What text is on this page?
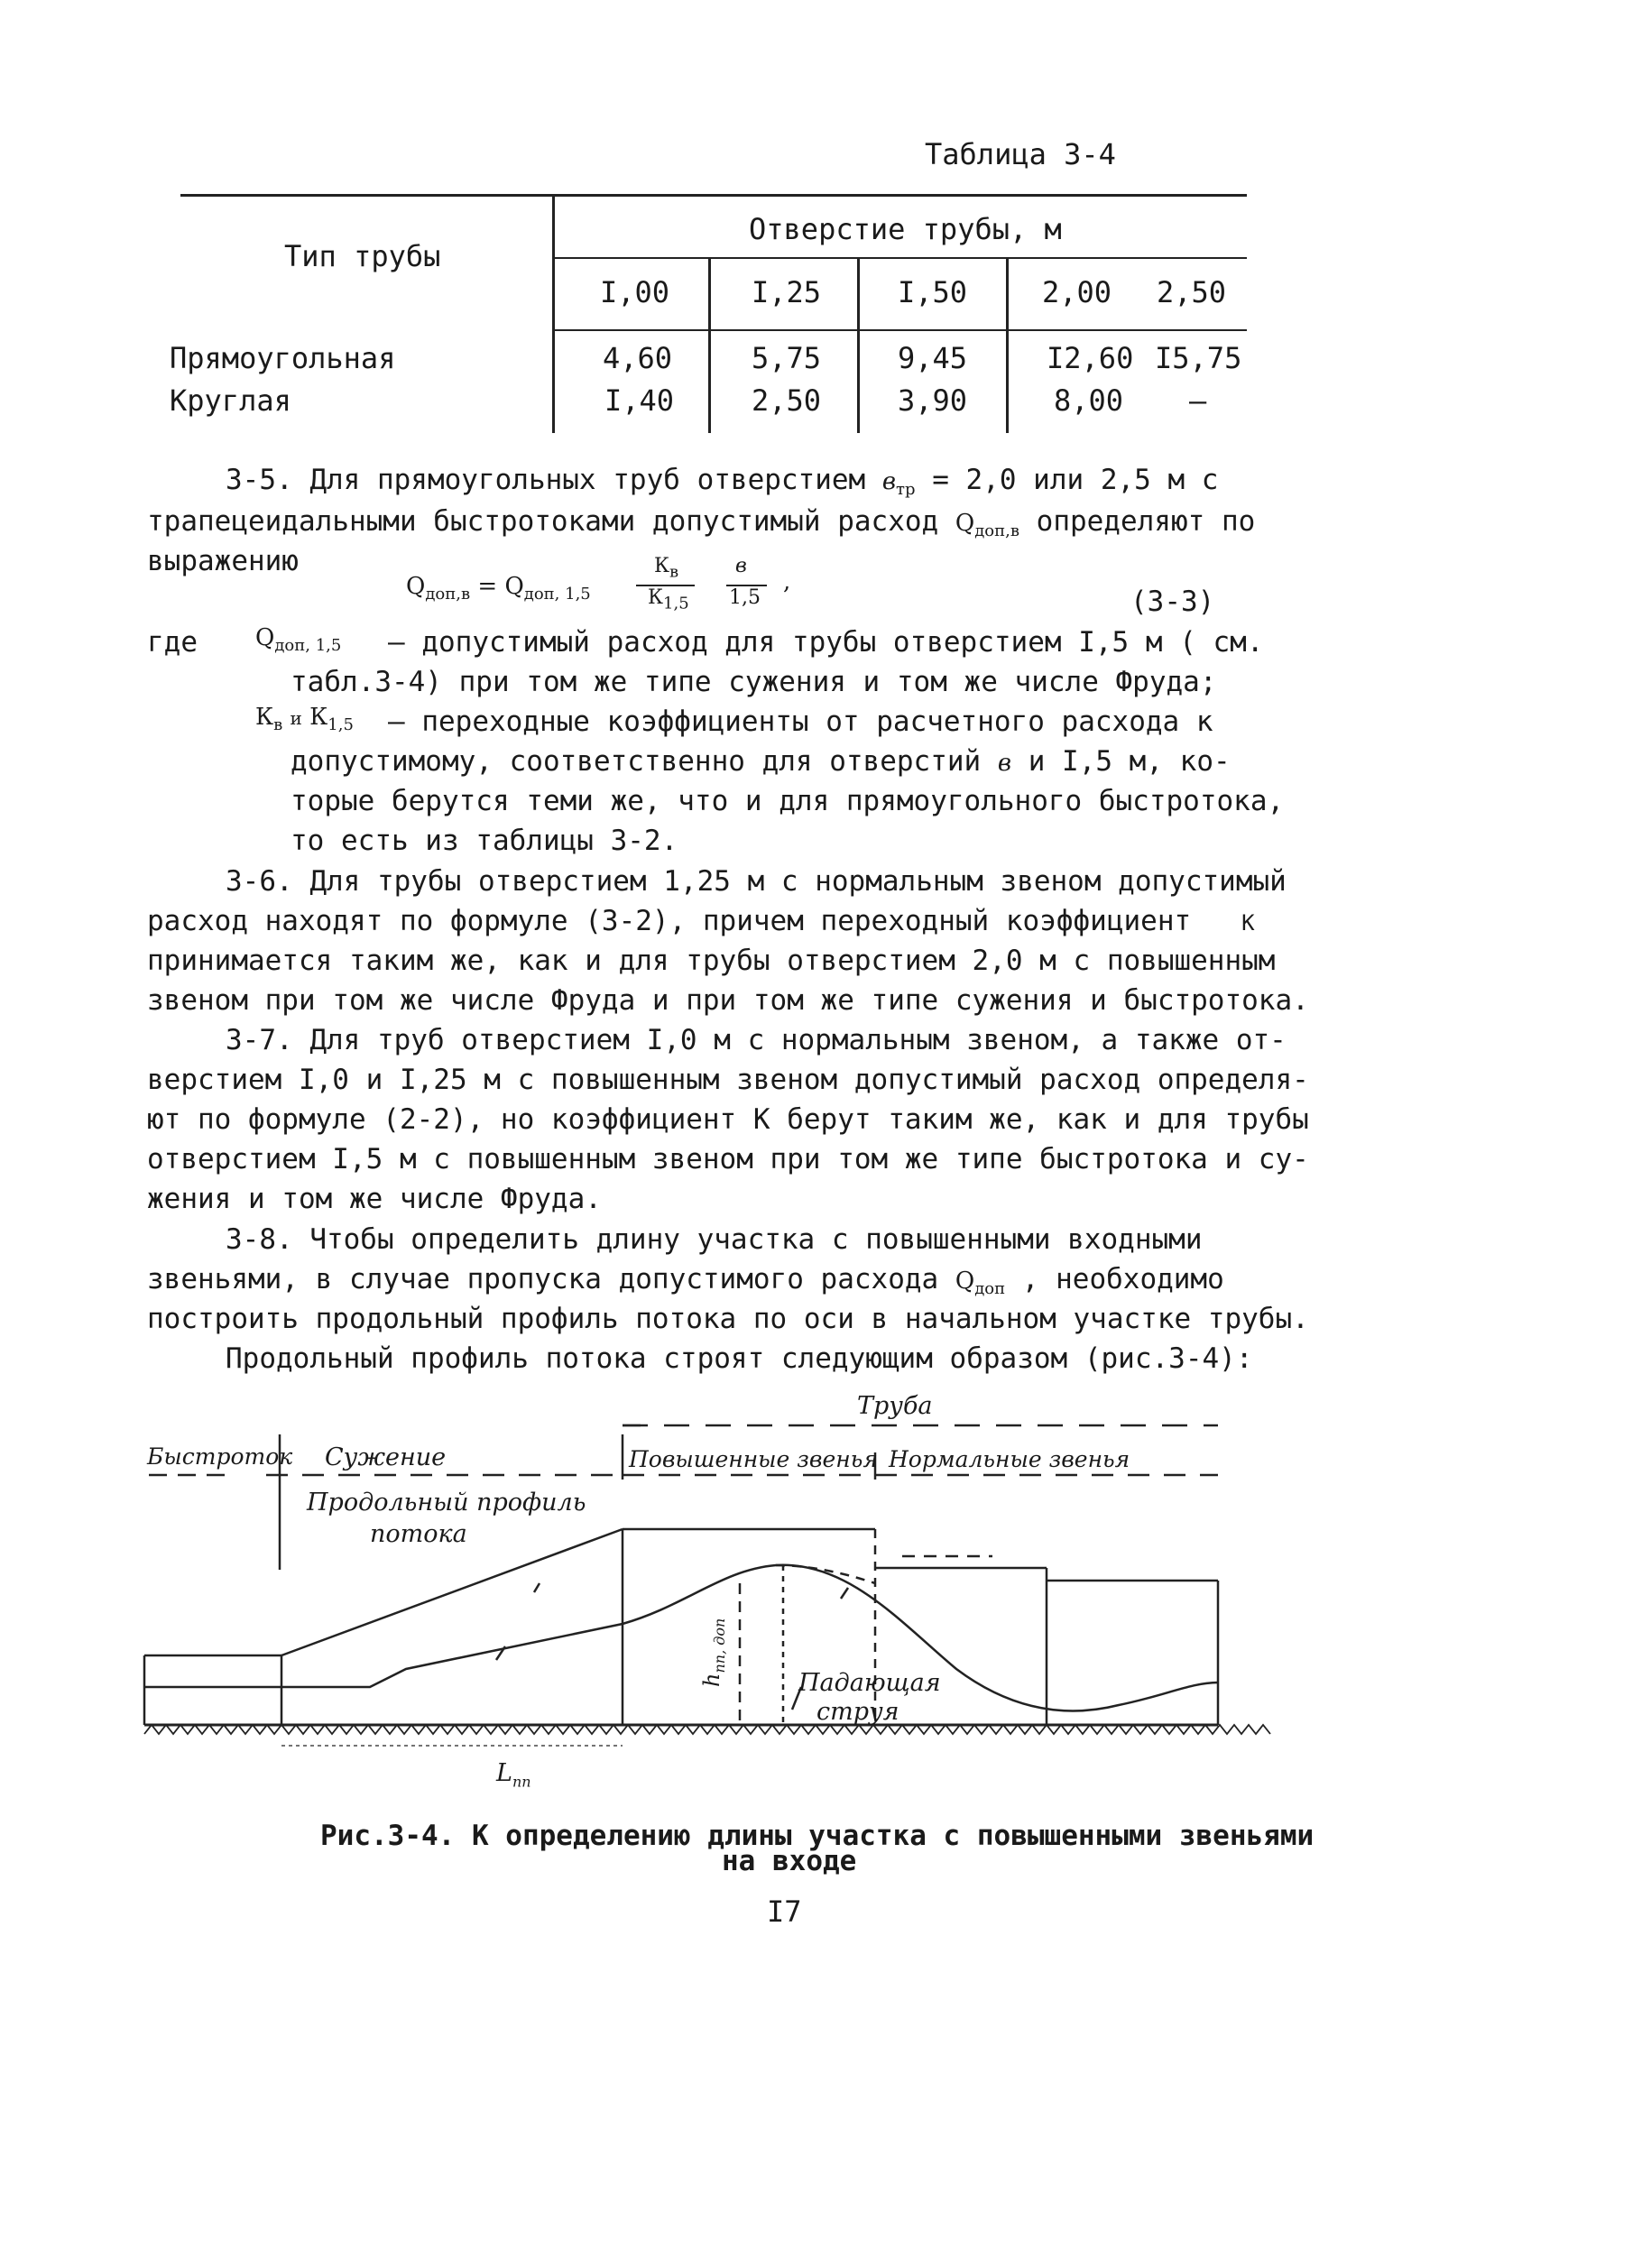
Таблица 3-4
Тип трубы
Отверстие трубы, м
I,00	I,25	I,50	2,00 2,50
Прямоугольная	4,60	5,75	9,45	I2,60 I5,75
Круглая	I,40	2,50	3,90	8,00 –
3-5. Для прямоугольных труб отверстием $в_{тр} = 2,0$ или 2,5 м с
трапецеидальными быстротоками допустимый расход $Q_{доп,в}$ определяют по
выражению
$Q_{доп,в} = Q_{доп, 1,5}$
$К_в$
$К_{1,5}$
в
1,5
,
(3-3)
где $Q_{доп, 1,5}$ – допустимый расход для трубы отверстием I,5 м ( см.
табл.3-4) при том же типе сужения и том же числе Фруда;
$К_в$ и $К_{1,5}$ – переходные коэффициенты от расчетного расхода к
допустимому, соответственно для отверстий в и I,5 м, ко-
торые берутся теми же, что и для прямоугольного быстротока,
то есть из таблицы 3-2.
3-6. Для трубы отверстием 1,25 м с нормальным звеном допустимый
расход находят по формуле (3-2), причем переходный коэффициент К
принимается таким же, как и для трубы отверстием 2,0 м с повышенным
звеном при том же числе Фруда и при том же типе сужения и быстротока.
3-7. Для труб отверстием I,0 м с нормальным звеном, а также от-
верстием I,0 и I,25 м с повышенным звеном допустимый расход определя-
ют по формуле (2-2), но коэффициент К берут таким же, как и для трубы
отверстием I,5 м с повышенным звеном при том же типе быстротока и су-
жения и том же числе Фруда.
3-8. Чтобы определить длину участка с повышенными входными
звеньями, в случае пропуска допустимого расхода $Q_{доп}$ , необходимо
построить продольный профиль потока по оси в начальном участке трубы.
Продольный профиль потока строят следующим образом (рис.3-4):
Труба
Быстроток Сужение	Повышенные звенья Нормальные звенья
Продольный профиль
потока
$h_{пп, доп}$
Падающая
струя
$L_{пп}$
Рис.3-4. К определению длины участка с повышенными звеньями
на входе
I7
